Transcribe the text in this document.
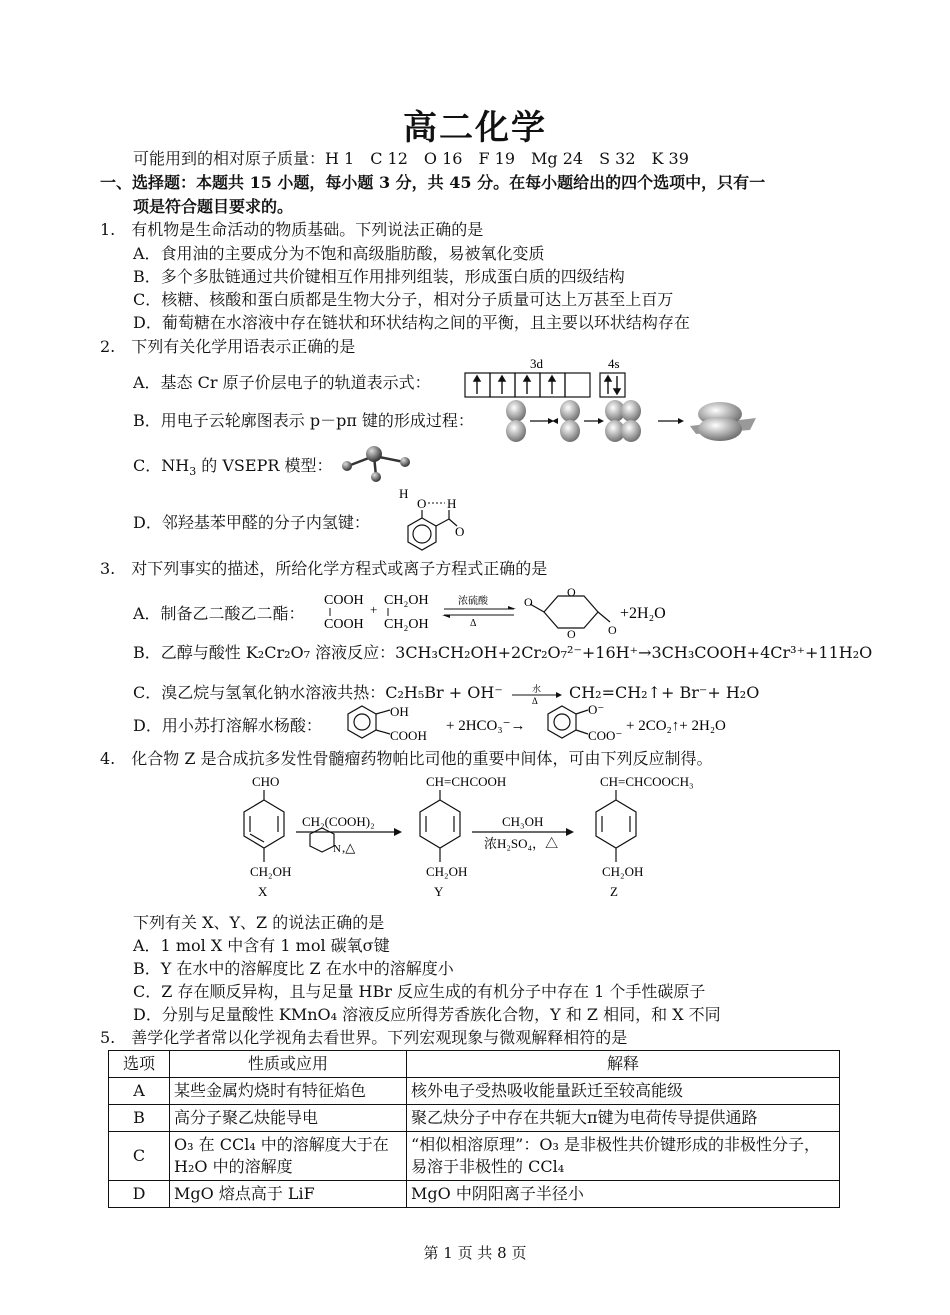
高二化学
可能用到的相对原子质量：H 1　C 12　O 16　F 19　Mg 24　S 32　K 39
一、选择题：本题共 15 小题，每小题 3 分，共 45 分。在每小题给出的四个选项中，只有一
项是符合题目要求的。
1.　有机物是生命活动的物质基础。下列说法正确的是
A．食用油的主要成分为不饱和高级脂肪酸，易被氧化变质
B．多个多肽链通过共价键相互作用排列组装，形成蛋白质的四级结构
C．核糖、核酸和蛋白质都是生物大分子，相对分子质量可达上万甚至上百万
D．葡萄糖在水溶液中存在链状和环状结构之间的平衡，且主要以环状结构存在
2.　下列有关化学用语表示正确的是
A．基态 Cr 原子价层电子的轨道表示式：
3d	4s
B．用电子云轮廓图表示 p－pπ 键的形成过程：
C．$NH_3$ 的 VSEPR 模型：
D．邻羟基苯甲醛的分子内氢键：
H
O H
O
3.　对下列事实的描述，所给化学方程式或离子方程式正确的是
A．制备乙二酸乙二酯：
COOH
COOH
+
CH₂OH
CH₂OH
浓硫酸
Δ
O
O
O
O
+2H₂O
B．乙醇与酸性 K₂Cr₂O₇ 溶液反应：3CH₃CH₂OH+2Cr₂O₇²⁻+16H⁺→3CH₃COOH+4Cr³⁺+11H₂O
C．溴乙烷与氢氧化钠水溶液共热：C₂H₅Br + OH⁻	水
Δ CH₂=CH₂↑+ Br⁻+ H₂O
D．用小苏打溶解水杨酸：
OH
COOH
+ 2HCO₃⁻→
O⁻
COO⁻
+ 2CO₂↑+ 2H₂O
4.　化合物 Z 是合成抗多发性骨髓瘤药物帕比司他的重要中间体，可由下列反应制得。
CHO
CH₂OH
X
CH₂(COOH)₂
N ,△
CH=CHCOOH
CH₂OH
Y
CH₃OH
浓H₂SO₄，△
CH=CHCOOCH₃
CH₂OH
Z
下列有关 X、Y、Z 的说法正确的是
A．1 mol X 中含有 1 mol 碳氧σ键
B．Y 在水中的溶解度比 Z 在水中的溶解度小
C．Z 存在顺反异构，且与足量 HBr 反应生成的有机分子中存在 1 个手性碳原子
D．分别与足量酸性 KMnO₄ 溶液反应所得芳香族化合物，Y 和 Z 相同，和 X 不同
5.　善学化学者常以化学视角去看世界。下列宏观现象与微观解释相符的是
选项	性质或应用	解释
A	某些金属灼烧时有特征焰色	核外电子受热吸收能量跃迁至较高能级
B	高分子聚乙炔能导电	聚乙炔分子中存在共轭大π键为电荷传导提供通路
C	O₃ 在 CCl₄ 中的溶解度大于在 H₂O 中的溶解度	“相似相溶原理”：O₃ 是非极性共价键形成的非极性分子，易溶于非极性的 CCl₄
D	MgO 熔点高于 LiF	MgO 中阴阳离子半径小
第 1 页 共 8 页
